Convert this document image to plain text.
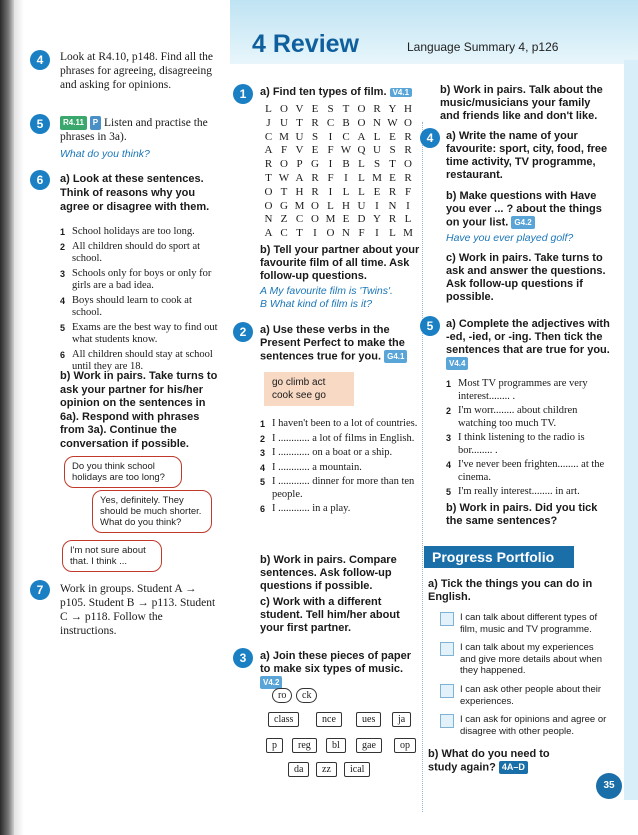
4 Review	Language Summary 4, p126
4	Look at R4.10, p148. Find all the phrases for agreeing, disagreeing and asking for opinions.
5	R4.11 P Listen and practise the phrases in 3a).
What do you think?
6	a) Look at these sentences. Think of reasons why you agree or disagree with them.
1 School holidays are too long.
2 All children should do sport at school.
3 Schools only for boys or only for girls are a bad idea.
4 Boys should learn to cook at school.
5 Exams are the best way to find out what students know.
6 All children should stay at school until they are 18.
b) Work in pairs. Take turns to ask your partner for his/her opinion on the sentences in 6a). Respond with phrases from 3a). Continue the conversation if possible.
Do you think school holidays are too long?
Yes, definitely. They should be much shorter. What do you think?
I'm not sure about that. I think ...
7	Work in groups. Student A → p105. Student B → p113. Student C → p118. Follow the instructions.
1	a) Find ten types of film. V4.1
L O V E S T O R Y H
J U T R C B O N W O
C M U S I C A L E R
A F V E F W Q U S R
R O P G I B L S T O
T W A R F I L M E R
O T H R I L L E R F
O G M O L H U I N I
N Z C O M E D Y R L
A C T I O N F I L M
b) Tell your partner about your favourite film of all time. Ask follow-up questions.
A My favourite film is 'Twins'.
B What kind of film is it?
2	a) Use these verbs in the Present Perfect to make the sentences true for you. G4.1
go climb act
cook see go
1 I haven't been to a lot of countries.
2 I ............ a lot of films in English.
3 I ............ on a boat or a ship.
4 I ............ a mountain.
5 I ............ dinner for more than ten people.
6 I ............ in a play.
b) Work in pairs. Compare sentences. Ask follow-up questions if possible.
c) Work with a different student. Tell him/her about your first partner.
3	a) Join these pieces of paper to make six types of music. V4.2
ro	ck
class	nce	ues	ja
p	reg	bl	gae	op
da	zz	ical
b) Work in pairs. Talk about the music/musicians your family and friends like and don't like.
4	a) Write the name of your favourite: sport, city, food, free time activity, TV programme, restaurant.
b) Make questions with Have you ever ... ? about the things on your list. G4.2
Have you ever played golf?
c) Work in pairs. Take turns to ask and answer the questions. Ask follow-up questions if possible.
5	a) Complete the adjectives with -ed, -ied, or -ing. Then tick the sentences that are true for you. V4.4
1 Most TV programmes are very interest........ .
2 I'm worr........ about children watching too much TV.
3 I think listening to the radio is bor........ .
4 I've never been frighten........ at the cinema.
5 I'm really interest........ in art.
b) Work in pairs. Did you tick the same sentences?
Progress Portfolio
a) Tick the things you can do in English.
I can talk about different types of film, music and TV programme.
I can talk about my experiences and give more details about when they happened.
I can ask other people about their experiences.
I can ask for opinions and agree or disagree with other people.
b) What do you need to study again? 4A–D
35
